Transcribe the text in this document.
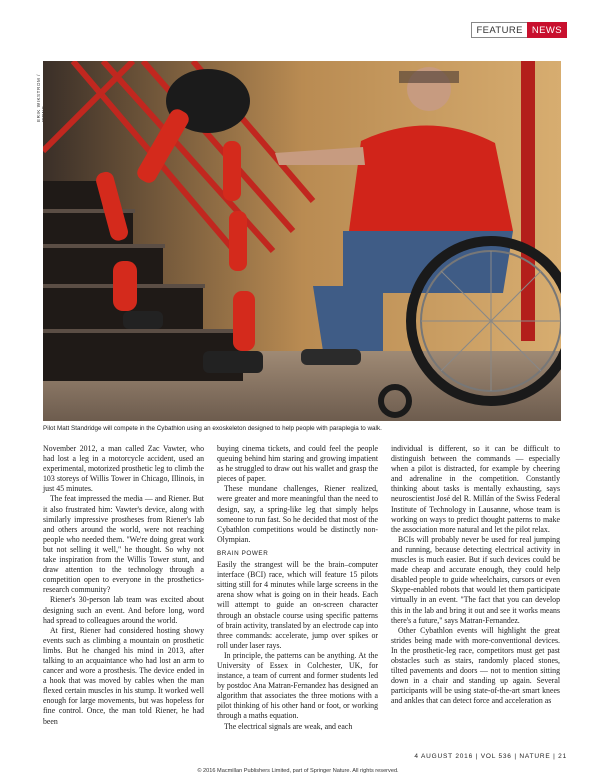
FEATURE NEWS
ERIK WIKSTROM /
Pilot Matt Standridge will compete in the Cybathlon using an exoskeleton designed to help people with paraplegia to walk.

November 2012, a man called Zac Vawter, who had lost a leg in a motorcycle accident, used an experimental, motorized prosthetic leg to climb the 103 storeys of Willis Tower in Chicago, Illinois, in just 45 minutes.

The feat impressed the media — and Riener. But it also frustrated him: Vawter's device, along with similarly impressive prostheses from Riener's lab and others around the world, were not reaching people who needed them. "We're doing great work but not selling it well," he thought. So why not take inspiration from the Willis Tower stunt, and draw attention to the technology through a competition open to everyone in the prosthetics-research community?

Riener's 30-person lab team was excited about designing such an event. And before long, word had spread to colleagues around the world.

At first, Riener had considered hosting showy events such as climbing a mountain on prosthetic limbs. But he changed his mind in 2013, after talking to an acquaintance who had lost an arm to cancer and wore a prosthesis. The device ended in a hook that was moved by cables when the man flexed certain muscles in his stump. It worked well enough for large movements, but was hopeless for fine control. Once, the man told Riener, he had been

buying cinema tickets, and could feel the people queuing behind him staring and growing impatient as he struggled to draw out his wallet and grasp the pieces of paper.

These mundane challenges, Riener realized, were greater and more meaningful than the need to design, say, a spring-like leg that simply helps someone to run fast. So he decided that most of the Cybathlon competitions would be distinctly non-Olympian.

BRAIN POWER

Easily the strangest will be the brain–computer interface (BCI) race, which will feature 15 pilots sitting still for 4 minutes while large screens in the arena show what is going on in their heads. Each will attempt to guide an on-screen character through an obstacle course using specific patterns of brain activity, translated by an electrode cap into three commands: accelerate, jump over spikes or roll under laser rays.

In principle, the patterns can be anything. At the University of Essex in Colchester, UK, for instance, a team of current and former students led by postdoc Ana Matran-Fernandez has designed an algorithm that associates the three motions with a pilot thinking of his other hand or foot, or working through a maths equation.

The electrical signals are weak, and each

individual is different, so it can be difficult to distinguish between the commands — especially when a pilot is distracted, for example by cheering and adrenaline in the competition. Constantly thinking about tasks is mentally exhausting, says neuroscientist José del R. Millán of the Swiss Federal Institute of Technology in Lausanne, whose team is working on ways to predict thought patterns to make the association more natural and let the pilot relax.

BCIs will probably never be used for real jumping and running, because detecting electrical activity in muscles is much easier. But if such devices could be made cheap and accurate enough, they could help disabled people to guide wheelchairs, cursors or even Skype-enabled robots that would let them participate virtually in an event. "The fact that you can develop this in the lab and bring it out and see it works means there's a future," says Matran-Fernandez.

Other Cybathlon events will highlight the great strides being made with more-conventional devices. In the prosthetic-leg race, competitors must get past obstacles such as stairs, randomly placed stones, tilted pavements and doors — not to mention sitting down in a chair and standing up again. Several participants will be using state-of-the-art smart knees and ankles that can detect force and acceleration as

4 AUGUST 2016 | VOL 536 | NATURE | 21
© 2016 Macmillan Publishers Limited, part of Springer Nature. All rights reserved.
